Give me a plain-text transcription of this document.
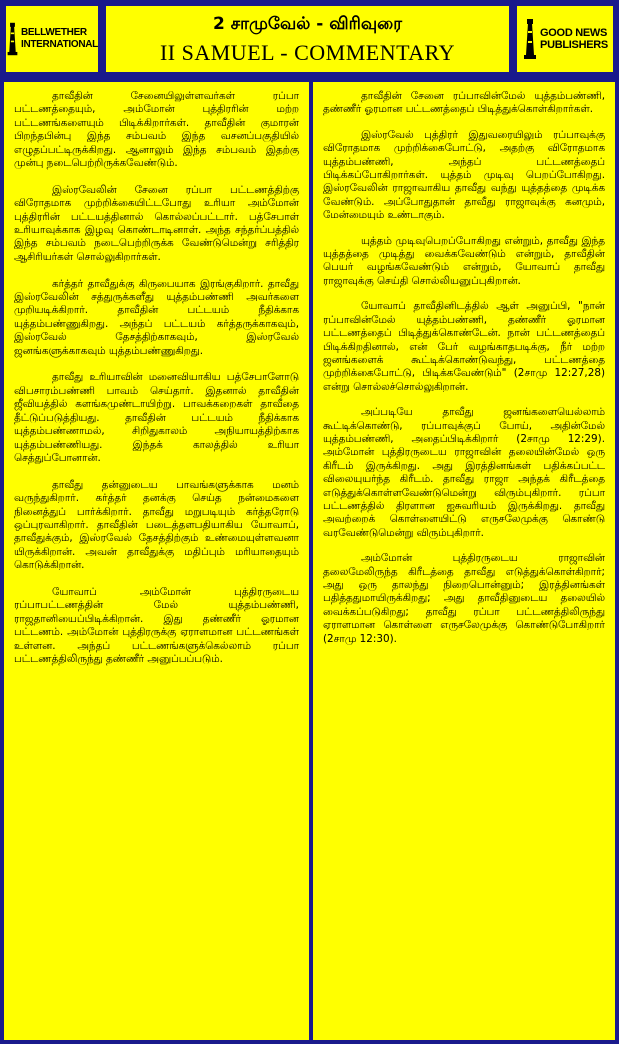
BELLWETHER
INTERNATIONAL
2 சாமுவேல் - விரிவுரை
II SAMUEL - COMMENTARY
GOOD NEWS
PUBLISHERS

தாவீதின் சேனையிலுள்ளவர்கள் ரப்பா பட்டணத்தையும், அம்மோன் புத்திரரின் மற்ற பட்டணங்களையும் பிடிக்கிறார்கள். தாவீதின் குமாரன் பிறந்தபின்பு இந்த சம்பவம் இந்த வசனப்பகுதியில் எழுதப்பட்டிருக்கிறது. ஆனாலும் இந்த சம்பவம் இதற்கு முன்பு நடைபெற்றிருக்கவேண்டும்.

இஸ்ரவேலின் சேனை ரப்பா பட்டணத்திற்கு விரோதமாக முற்றிக்கையிட்டபோது உரியா அம்மோன் புத்திரரின் பட்டயத்தினால் கொல்லப்பட்டார். பத்சேபாள் உரியாவுக்காக இழவு கொண்டாடினாள். அந்த சந்தர்ப்பத்தில் இந்த சம்பவம் நடைபெற்றிருக்க வேண்டுமென்று சரித்திர ஆசிரியர்கள் சொல்லுகிறார்கள்.

கர்த்தர் தாவீதுக்கு கிருபையாக இரங்குகிறார். தாவீது இஸ்ரவேலின் சத்துருக்களீது யுத்தம்பண்ணி அவர்களை முறியடிக்கிறார். தாவீதின் பட்டயம் நீதிக்காக யுத்தம்பண்ணுகிறது. அந்தப் பட்டயம் கர்த்தருக்காகவும், இஸ்ரவேல் தேசத்திற்காகவும், இஸ்ரவேல் ஜனங்களுக்காகவும் யுத்தம்பண்ணுகிறது.

தாவீது உரியாவின் மனைவியாகிய பத்சேபாளோடு விபசாரம்பண்ணி பாவம் செய்தார். இதனால் தாவீதின் ஜீவியத்தில் களங்கமுண்டாயிற்று. பாவக்கறைகள் தாவீதை தீட்டுப்படுத்தியது. தாவீதின் பட்டயம் நீதிக்காக யுத்தம்பண்ணாமல், சிறிதுகாலம் அநியாயத்திற்காக யுத்தம்பண்ணியது. இந்தக் காலத்தில் உரியா செத்துப்போனான்.

தாவீது தன்னுடைய பாவங்களுக்காக மனம் வருந்துகிறார். கர்த்தர் தனக்கு செய்த நன்மைகளை நினைத்துப் பார்க்கிறார். தாவீது மறுபடியும் கர்த்தரோடு ஒப்புரவாகிறார். தாவீதின் படைத்தளபதியாகிய யோவாப், தாவீதுக்கும், இஸ்ரவேல் தேசத்திற்கும் உண்மையுள்ளவனா யிருக்கிறான். அவன் தாவீதுக்கு மதிப்பும் மரியாதையும் கொடுக்கிறான்.

யோவாப் அம்மோன் புத்திரருடைய ரப்பாபட்டணத்தின் மேல் யுத்தம்பண்ணி, ராஜதானியைப்பிடிக்கிறான். இது தண்ணீர் ஓரமான பட்டணம். அம்மோன் புத்திரருக்கு ஏராளமான பட்டணங்கள் உள்ளன. அந்தப் பட்டணங்களுக்கெல்லாம் ரப்பா பட்டணத்திலிருந்து தண்ணீர் அனுப்பப்படும்.

தாவீதின் சேனை ரப்பாவின்மேல் யுத்தம்பண்ணி, தண்ணீர் ஓரமான பட்டணத்தைப் பிடித்துக்கொள்கிறார்கள்.

இஸ்ரவேல் புத்திரர் இதுவரையிலும் ரப்பாவுக்கு விரோதமாக முற்றிக்கைபோட்டு, அதற்கு விரோதமாக யுத்தம்பண்ணி, அந்தப் பட்டணத்தைப் பிடிக்கப்போகிறார்கள். யுத்தம் முடிவு பெறப்போகிறது. இஸ்ரவேலின் ராஜாவாகிய தாவீது வந்து யுத்தத்தை முடிக்க வேண்டும். அப்போதுதான் தாவீது ராஜாவுக்கு கனமும், மேன்மையும் உண்டாகும்.

யுத்தம் முடிவுபெறப்போகிறது என்றும், தாவீது இந்த யுத்தத்தை முடித்து வைக்கவேண்டும் என்றும், தாவீதின் பெயர் வழங்கவேண்டும் என்றும், யோவாப் தாவீது ராஜாவுக்கு செய்தி சொல்லியனுப்புகிறான்.

யோவாப் தாவீதினிடத்தில் ஆள் அனுப்பி, "நான் ரப்பாவின்மேல் யுத்தம்பண்ணி, தண்ணீர் ஓரமான பட்டணத்தைப் பிடித்துக்கொண்டேன். நான் பட்டணத்தைப் பிடிக்கிறதினால், என் பேர் வழங்காதபடிக்கு, நீர் மற்ற ஜனங்களைக் கூட்டிக்கொண்டுவந்து, பட்டணத்தை முற்றிக்கைபோட்டு, பிடிக்கவேண்டும்" (2சாமு 12:27,28) என்று சொல்லச்சொல்லுகிறான்.

அப்படியே தாவீது ஜனங்களையெல்லாம் கூட்டிக்கொண்டு, ரப்பாவுக்குப் போய், அதின்மேல் யுத்தம்பண்ணி, அதைப்பிடிக்கிறார் (2சாமு 12:29). அம்மோன் புத்திரருடைய ராஜாவின் தலையின்மேல் ஒரு கிரீடம் இருக்கிறது. அது இரத்தினங்கள் பதிக்கப்பட்ட விலையுயர்ந்த கிரீடம். தாவீது ராஜா அந்தக் கிரீடத்தை எடுத்துக்கொள்ளவேண்டுமென்று விரும்புகிறார். ரப்பா பட்டணத்தில் திரளான ஐசுவரியம் இருக்கிறது. தாவீது அவற்றைக் கொள்ளையிட்டு எருசலேமுக்கு கொண்டு வரவேண்டுமென்று விரும்புகிறார்.

அம்மோன் புத்திரருடைய ராஜாவின் தலைமேலிருந்த கிரீடத்தை தாவீது எடுத்துக்கொள்கிறார்; அது ஒரு தாலந்து நிறைபொன்னும்; இரத்தினங்கள் பதித்ததுமாயிருக்கிறது; அது தாவீதினுடைய தலையில் வைக்கப்படுகிறது; தாவீது ரப்பா பட்டணத்திலிருந்து ஏராளமான கொள்ளை எருசலேமுக்கு கொண்டுபோகிறார் (2சாமு 12:30).
